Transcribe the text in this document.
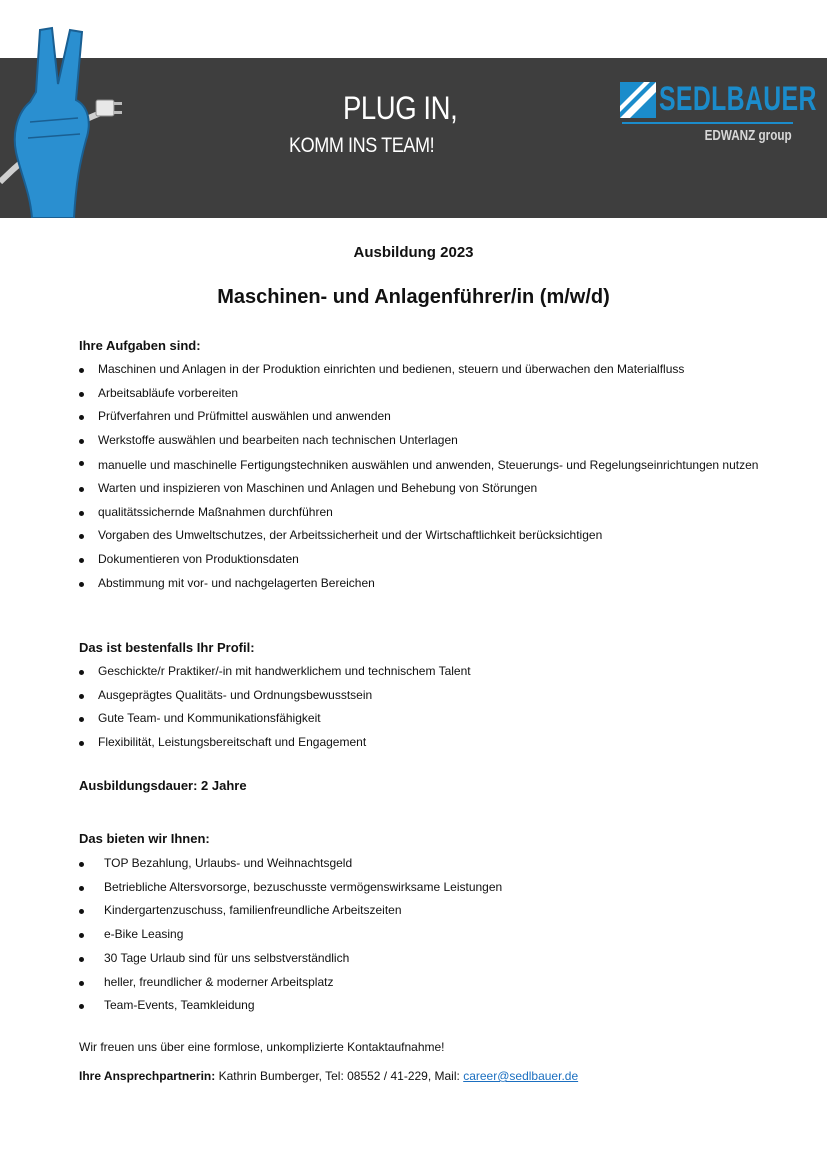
PLUG IN,
KOMM INS TEAM!
SEDLBAUER
EDWANZ group
Ausbildung 2023
Maschinen- und Anlagenführer/in (m/w/d)
Ihre Aufgaben sind:
Maschinen und Anlagen in der Produktion einrichten und bedienen, steuern und überwachen den Materialfluss
Arbeitsabläufe vorbereiten
Prüfverfahren und Prüfmittel auswählen und anwenden
Werkstoffe auswählen und bearbeiten nach technischen Unterlagen
manuelle und maschinelle Fertigungstechniken auswählen und anwenden, Steuerungs- und Regelungseinrichtungen nutzen
Warten und inspizieren von Maschinen und Anlagen und Behebung von Störungen
qualitätssichernde Maßnahmen durchführen
Vorgaben des Umweltschutzes, der Arbeitssicherheit und der Wirtschaftlichkeit berücksichtigen
Dokumentieren von Produktionsdaten
Abstimmung mit vor- und nachgelagerten Bereichen
Das ist bestenfalls Ihr Profil:
Geschickte/r Praktiker/-in mit handwerklichem und technischem Talent
Ausgeprägtes Qualitäts- und Ordnungsbewusstsein
Gute Team- und Kommunikationsfähigkeit
Flexibilität, Leistungsbereitschaft und Engagement
Ausbildungsdauer: 2 Jahre
Das bieten wir Ihnen:
TOP Bezahlung, Urlaubs- und Weihnachtsgeld
Betriebliche Altersvorsorge, bezuschusste vermögenswirksame Leistungen
Kindergartenzuschuss, familienfreundliche Arbeitszeiten
e-Bike Leasing
30 Tage Urlaub sind für uns selbstverständlich
heller, freundlicher & moderner Arbeitsplatz
Team-Events, Teamkleidung
Wir freuen uns über eine formlose, unkomplizierte Kontaktaufnahme!
Ihre Ansprechpartnerin: Kathrin Bumberger, Tel: 08552 / 41-229, Mail: career@sedlbauer.de
